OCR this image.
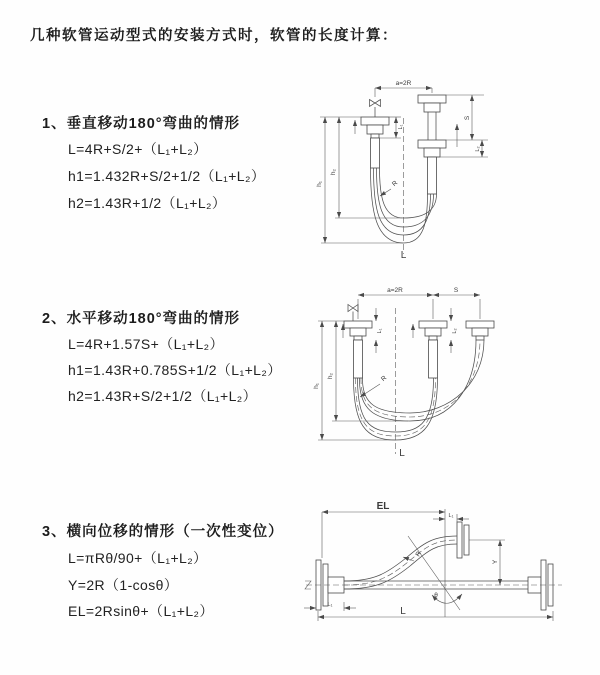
几种软管运动型式的安装方式时，软管的长度计算：
1、垂直移动180°弯曲的情形
L=4R+S/2+（L₁+L₂）
h1=1.432R+S/2+1/2（L₁+L₂）
h2=1.43R+1/2（L₁+L₂）
2、水平移动180°弯曲的情形
L=4R+1.57S+（L₁+L₂）
h1=1.43R+0.785S+1/2（L₁+L₂）
h2=1.43R+S/2+1/2（L₁+L₂）
3、横向位移的情形（一次性变位）
L=πRθ/90+（L₁+L₂）
Y=2R（1-cosθ）
EL=2Rsinθ+（L₁+L₂）
a=2R
h₁
h₂
L₁
S
L₂
R
L
a=2R	S
h₁
h₂
L₁	L₂
R
L
EL
L₁
Y
θ
R
L₁
L
